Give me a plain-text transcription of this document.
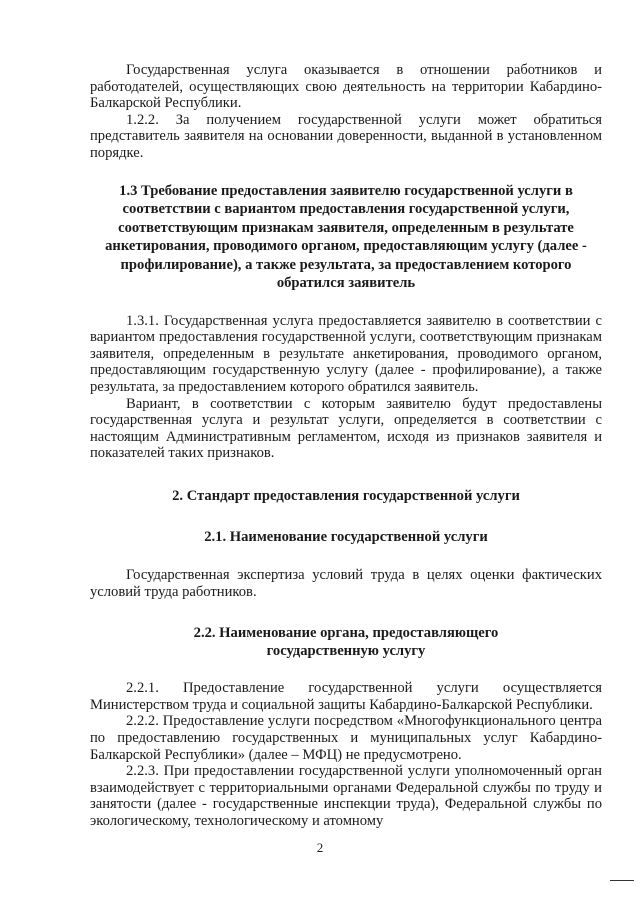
Государственная услуга оказывается в отношении работников и работодателей, осуществляющих свою деятельность на территории Кабардино-Балкарской Республики.

1.2.2. За получением государственной услуги может обратиться представитель заявителя на основании доверенности, выданной в установленном порядке.

1.3 Требование предоставления заявителю государственной услуги в соответствии с вариантом предоставления государственной услуги, соответствующим признакам заявителя, определенным в результате анкетирования, проводимого органом, предоставляющим услугу (далее - профилирование), а также результата, за предоставлением которого обратился заявитель

1.3.1. Государственная услуга предоставляется заявителю в соответствии с вариантом предоставления государственной услуги, соответствующим признакам заявителя, определенным в результате анкетирования, проводимого органом, предоставляющим государственную услугу (далее - профилирование), а также результата, за предоставлением которого обратился заявитель.

Вариант, в соответствии с которым заявителю будут предоставлены государственная услуга и результат услуги, определяется в соответствии с настоящим Административным регламентом, исходя из признаков заявителя и показателей таких признаков.

2. Стандарт предоставления государственной услуги

2.1. Наименование государственной услуги

Государственная экспертиза условий труда в целях оценки фактических условий труда работников.

2.2. Наименование органа, предоставляющего государственную услугу

2.2.1. Предоставление государственной услуги осуществляется Министерством труда и социальной защиты Кабардино-Балкарской Республики.

2.2.2. Предоставление услуги посредством «Многофункционального центра по предоставлению государственных и муниципальных услуг Кабардино-Балкарской Республики» (далее – МФЦ) не предусмотрено.

2.2.3. При предоставлении государственной услуги уполномоченный орган взаимодействует с территориальными органами Федеральной службы по труду и занятости (далее - государственные инспекции труда), Федеральной службы по экологическому, технологическому и атомному

2
